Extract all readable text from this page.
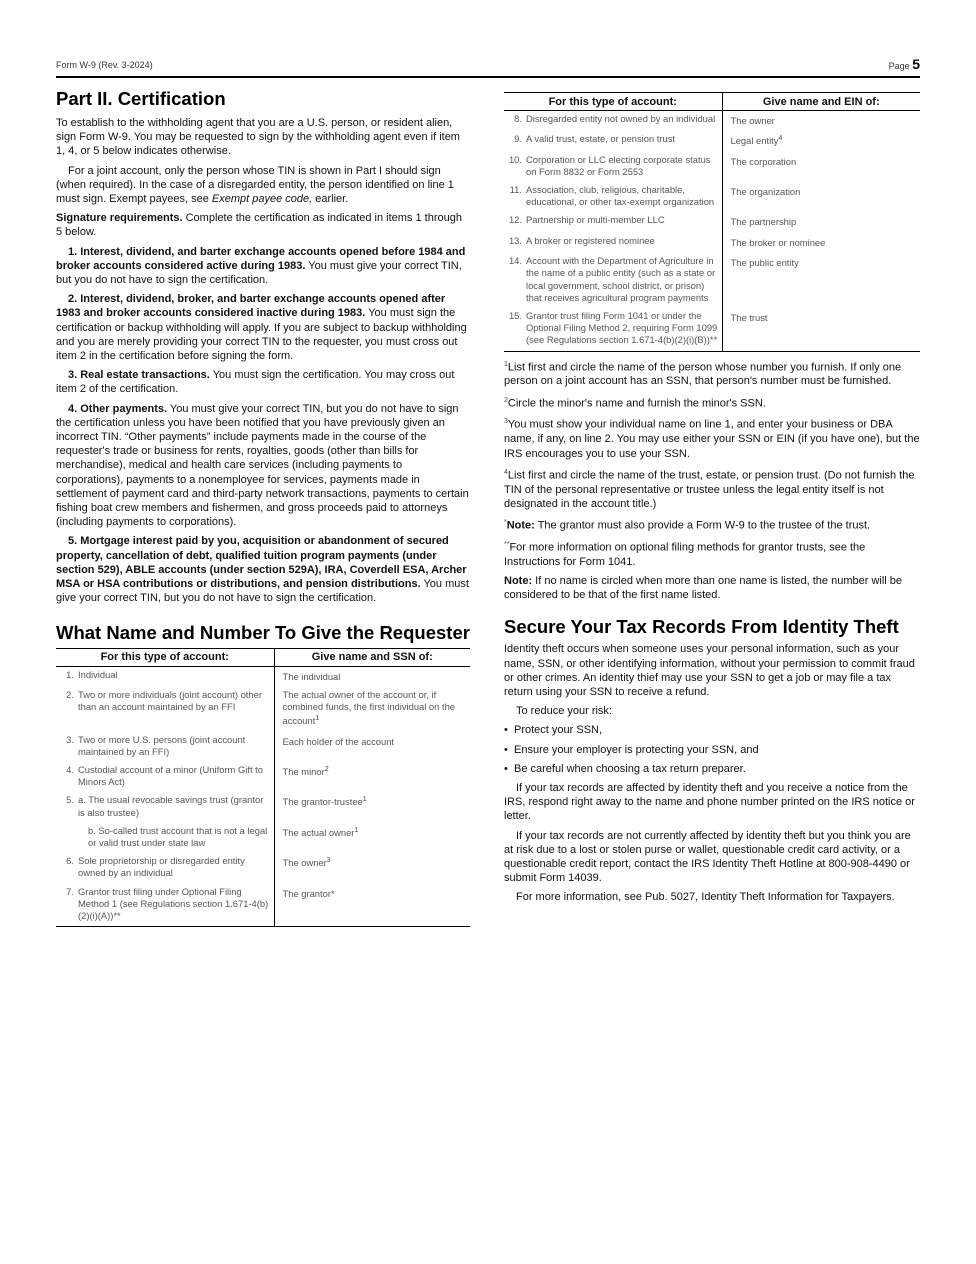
Form W-9 (Rev. 3-2024)	Page 5
Part II. Certification

To establish to the withholding agent that you are a U.S. person, or resident alien, sign Form W-9. You may be requested to sign by the withholding agent even if item 1, 4, or 5 below indicates otherwise.

For a joint account, only the person whose TIN is shown in Part I should sign (when required). In the case of a disregarded entity, the person identified on line 1 must sign. Exempt payees, see Exempt payee code, earlier.

Signature requirements. Complete the certification as indicated in items 1 through 5 below.

1. Interest, dividend, and barter exchange accounts opened before 1984 and broker accounts considered active during 1983. You must give your correct TIN, but you do not have to sign the certification.

2. Interest, dividend, broker, and barter exchange accounts opened after 1983 and broker accounts considered inactive during 1983. You must sign the certification or backup withholding will apply. If you are subject to backup withholding and you are merely providing your correct TIN to the requester, you must cross out item 2 in the certification before signing the form.

3. Real estate transactions. You must sign the certification. You may cross out item 2 of the certification.

4. Other payments. You must give your correct TIN, but you do not have to sign the certification unless you have been notified that you have previously given an incorrect TIN. “Other payments” include payments made in the course of the requester's trade or business for rents, royalties, goods (other than bills for merchandise), medical and health care services (including payments to corporations), payments to a nonemployee for services, payments made in settlement of payment card and third-party network transactions, payments to certain fishing boat crew members and fishermen, and gross proceeds paid to attorneys (including payments to corporations).

5. Mortgage interest paid by you, acquisition or abandonment of secured property, cancellation of debt, qualified tuition program payments (under section 529), ABLE accounts (under section 529A), IRA, Coverdell ESA, Archer MSA or HSA contributions or distributions, and pension distributions. You must give your correct TIN, but you do not have to sign the certification.

What Name and Number To Give the Requester
For this type of account:	Give name and SSN of:

1. Individual	The individual

2. Two or more individuals (joint account) other than an account maintained by an FFI	The actual owner of the account or, if combined funds, the first individual on the account$^1$

3. Two or more U.S. persons (joint account maintained by an FFI)	Each holder of the account

4. Custodial account of a minor (Uniform Gift to Minors Act)	The minor$^2$

5. a. The usual revocable savings trust (grantor is also trustee)	The grantor-trustee$^1$

b. So-called trust account that is not a legal or valid trust under state law	The actual owner$^1$

6. Sole proprietorship or disregarded entity owned by an individual	The owner$^3$

7. Grantor trust filing under Optional Filing Method 1 (see Regulations section 1.671-4(b)(2)(i)(A))**	The grantor*
For this type of account:	Give name and EIN of:

8. Disregarded entity not owned by an individual	The owner

9. A valid trust, estate, or pension trust	Legal entity$^4$

10. Corporation or LLC electing corporate status on Form 8832 or Form 2553	The corporation

11. Association, club, religious, charitable, educational, or other tax-exempt organization	The organization

12. Partnership or multi-member LLC	The partnership

13. A broker or registered nominee	The broker or nominee

14. Account with the Department of Agriculture in the name of a public entity (such as a state or local government, school district, or prison) that receives agricultural program payments	The public entity

15. Grantor trust filing Form 1041 or under the Optional Filing Method 2, requiring Form 1099 (see Regulations section 1.671-4(b)(2)(i)(B))**	The trust

$^1$List first and circle the name of the person whose number you furnish. If only one person on a joint account has an SSN, that person's number must be furnished.

$^2$Circle the minor's name and furnish the minor's SSN.

$^3$You must show your individual name on line 1, and enter your business or DBA name, if any, on line 2. You may use either your SSN or EIN (if you have one), but the IRS encourages you to use your SSN.

$^4$List first and circle the name of the trust, estate, or pension trust. (Do not furnish the TIN of the personal representative or trustee unless the legal entity itself is not designated in the account title.)

*Note: The grantor must also provide a Form W-9 to the trustee of the trust.

**For more information on optional filing methods for grantor trusts, see the Instructions for Form 1041.

Note: If no name is circled when more than one name is listed, the number will be considered to be that of the first name listed.

Secure Your Tax Records From Identity Theft

Identity theft occurs when someone uses your personal information, such as your name, SSN, or other identifying information, without your permission to commit fraud or other crimes. An identity thief may use your SSN to get a job or may file a tax return using your SSN to receive a refund.

To reduce your risk:

• Protect your SSN,
• Ensure your employer is protecting your SSN, and
• Be careful when choosing a tax return preparer.

If your tax records are affected by identity theft and you receive a notice from the IRS, respond right away to the name and phone number printed on the IRS notice or letter.

If your tax records are not currently affected by identity theft but you think you are at risk due to a lost or stolen purse or wallet, questionable credit card activity, or a questionable credit report, contact the IRS Identity Theft Hotline at 800-908-4490 or submit Form 14039.

For more information, see Pub. 5027, Identity Theft Information for Taxpayers.
